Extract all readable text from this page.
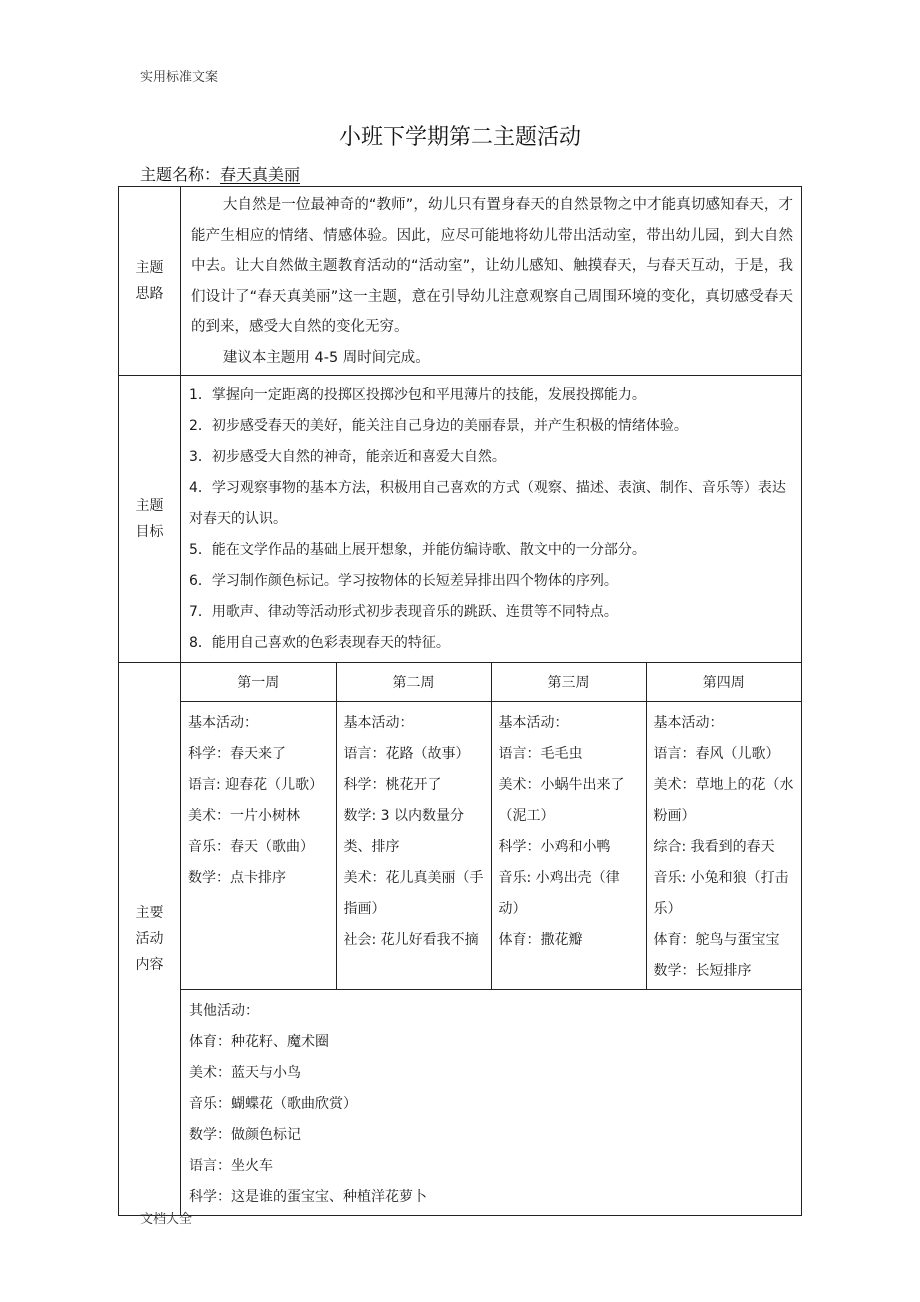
实用标准文案
小班下学期第二主题活动
主题名称：春天真美丽
主题
思路	

大自然是一位最神奇的“教师”，幼儿只有置身春天的自然景物之中才能真切感知春天，才能产生相应的情绪、情感体验。因此，应尽可能地将幼儿带出活动室，带出幼儿园，到大自然中去。让大自然做主题教育活动的“活动室”，让幼儿感知、触摸春天，与春天互动，于是，我们设计了“春天真美丽”这一主题，意在引导幼儿注意观察自己周围环境的变化，真切感受春天的到来，感受大自然的变化无穷。

建议本主题用 4-5 周时间完成。

主题
目标	
1．掌握向一定距离的投掷区投掷沙包和平甩薄片的技能，发展投掷能力。
2．初步感受春天的美好，能关注自己身边的美丽春景，并产生积极的情绪体验。
3．初步感受大自然的神奇，能亲近和喜爱大自然。
4．学习观察事物的基本方法，积极用自己喜欢的方式（观察、描述、表演、制作、音乐等）表达对春天的认识。
5．能在文学作品的基础上展开想象，并能仿编诗歌、散文中的一分部分。
6．学习制作颜色标记。学习按物体的长短差异排出四个物体的序列。
7．用歌声、律动等活动形式初步表现音乐的跳跃、连贯等不同特点。
8．能用自己喜欢的色彩表现春天的特征。

主要
活动
内容	
第一周	第二周	第三周	第四周

基本活动：
科学：春天来了
语言: 迎春花（儿歌）
美术：一片小树林
音乐：春天（歌曲）
数学：点卡排序

基本活动：
语言：花路（故事）
科学：桃花开了
数学: 3 以内数量分类、排序
美术：花儿真美丽（手指画）
社会: 花儿好看我不摘

基本活动：
语言：毛毛虫
美术：小蜗牛出来了（泥工）
科学：小鸡和小鸭
音乐: 小鸡出壳（律动）
体育：撒花瓣

基本活动：
语言：春风（儿歌）
美术：草地上的花（水粉画）
综合: 我看到的春天
音乐: 小兔和狼（打击乐）
体育：鸵鸟与蛋宝宝
数学：长短排序

其他活动：
体育：种花籽、魔术圈
美术：蓝天与小鸟
音乐：蝴蝶花（歌曲欣赏）
数学：做颜色标记
语言：坐火车
科学：这是谁的蛋宝宝、种植洋花萝卜
文档大全
